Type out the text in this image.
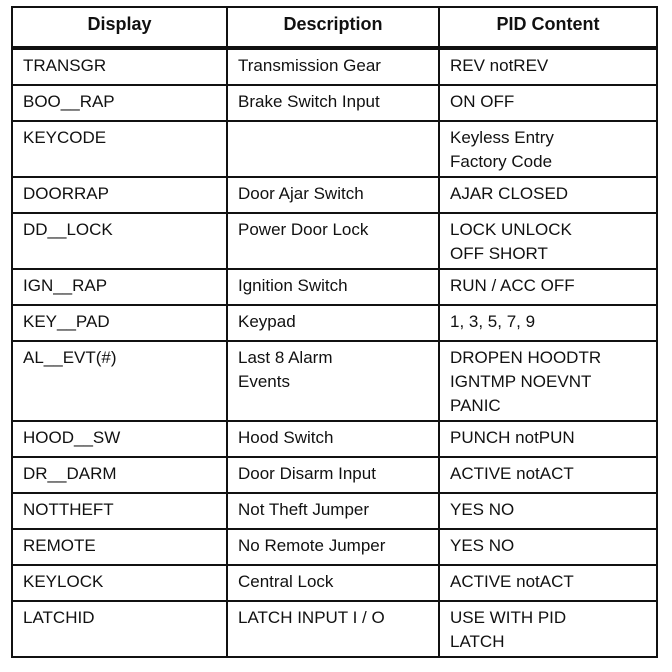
Display	Description	PID Content
TRANSGR	Transmission Gear	REV notREV

BOO__RAP	Brake Switch Input	ON OFF

KEYCODE		Keyless Entry
Factory Code

DOORRAP	Door Ajar Switch	AJAR CLOSED

DD__LOCK	Power Door Lock	LOCK UNLOCK
OFF SHORT

IGN__RAP	Ignition Switch	RUN / ACC OFF

KEY__PAD	Keypad	1, 3, 5, 7, 9

AL__EVT(#)	Last 8 Alarm
Events	DROPEN HOODTR
IGNTMP NOEVNT
PANIC

HOOD__SW	Hood Switch	PUNCH notPUN

DR__DARM	Door Disarm Input	ACTIVE notACT

NOTTHEFT	Not Theft Jumper	YES NO

REMOTE	No Remote Jumper	YES NO

KEYLOCK	Central Lock	ACTIVE notACT

LATCHID	LATCH INPUT I / O	USE WITH PID
LATCH
